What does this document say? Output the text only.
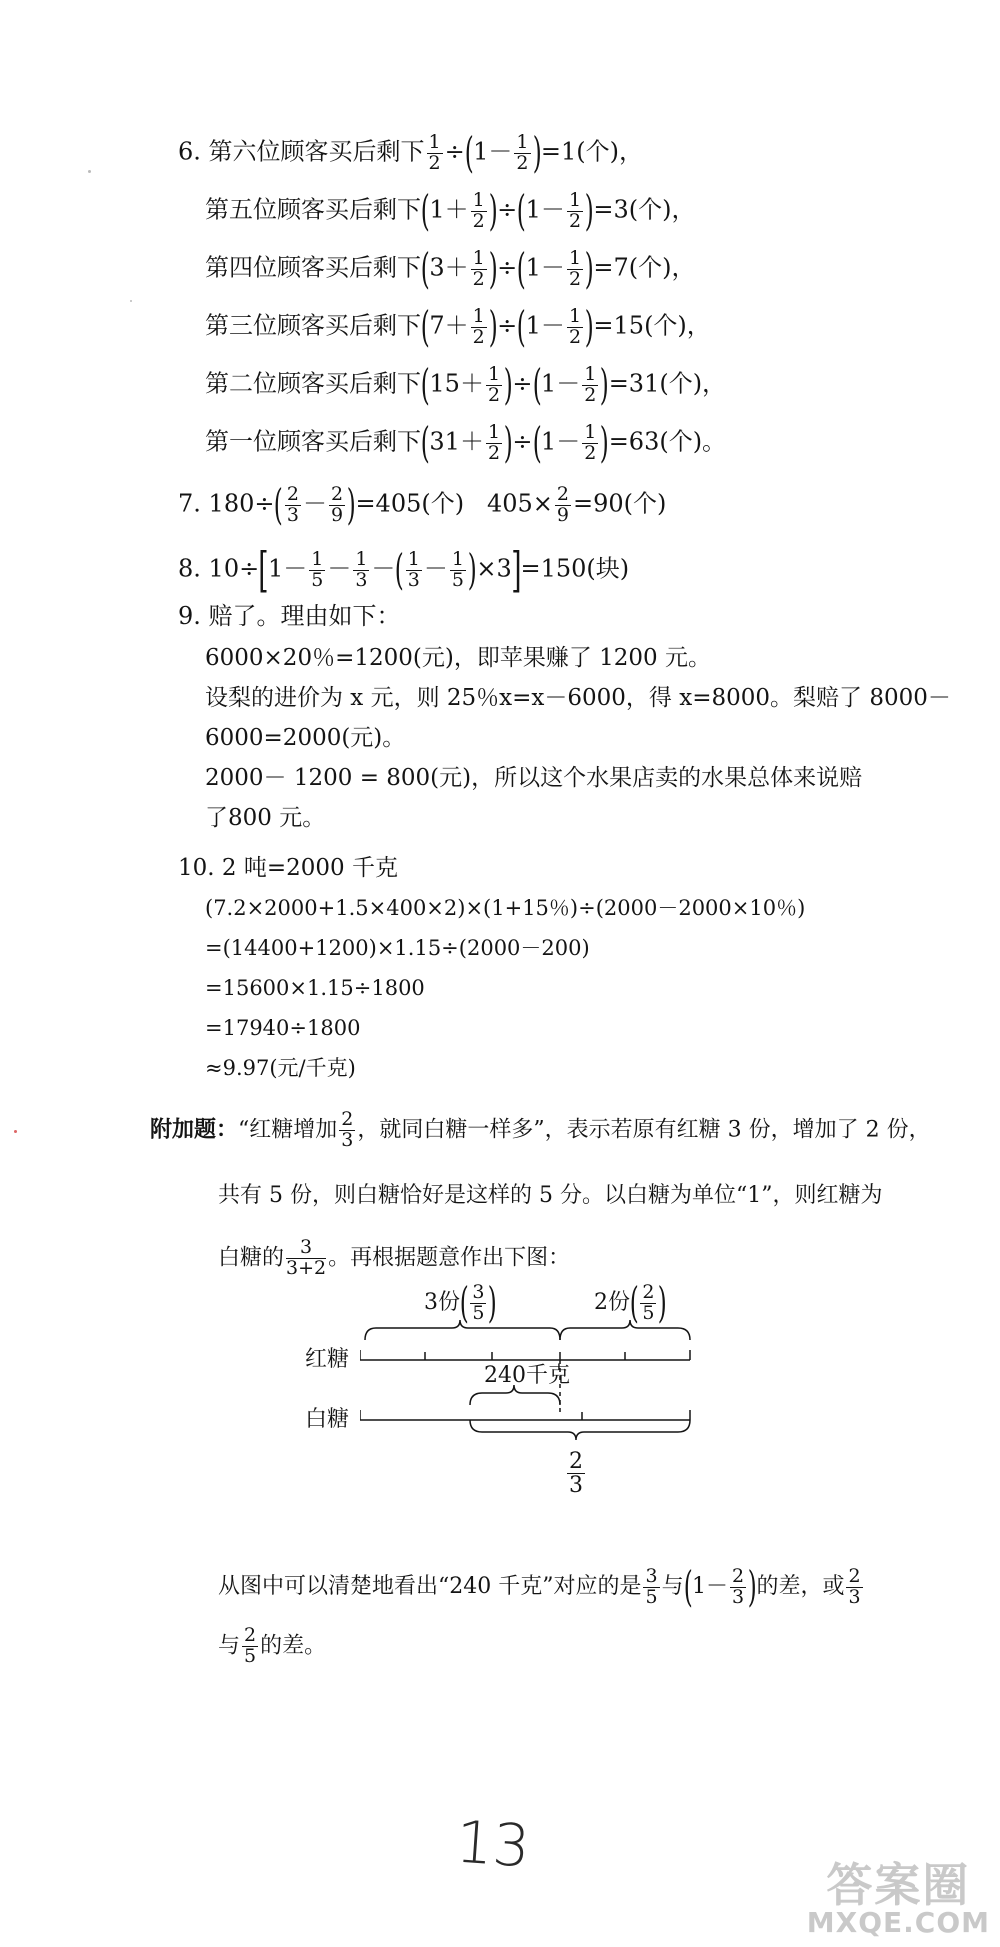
6. 第六位顾客买后剩下 $\frac{1}{2} \div(1- \frac{1}{2} )=1$(个)，
第五位顾客买后剩下$(1+ \frac{1}{2} )\div(1- \frac{1}{2} )=3$(个)，
第四位顾客买后剩下$(3+ \frac{1}{2} )\div(1- \frac{1}{2} )=7$(个)，
第三位顾客买后剩下$(7+ \frac{1}{2} )\div(1- \frac{1}{2} )=15$(个)，
第二位顾客买后剩下$(15+ \frac{1}{2} )\div(1- \frac{1}{2} )=31$(个)，
第一位顾客买后剩下$(31+ \frac{1}{2} )\div(1- \frac{1}{2} )=63$(个)。
7. $180\div( \frac{2}{3} - \frac{2}{9} )=405$(个) $405\times \frac{2}{9} =90$(个)
8. $10\div[1- \frac{1}{5} - \frac{1}{3}$ －( $\frac{1}{3} - \frac{1}{5} )\times 3]=150$(块)
9. 赔了。理由如下：
6000×20％=1200(元)，即苹果赚了 1200 元。
设梨的进价为 x 元，则 25％x=x－6000，得 x=8000。梨赔了 8000－
6000=2000(元)。
2000－ 1200 = 800(元)，所以这个水果店卖的水果总体来说赔
了800 元。
10. 2 吨=2000 千克
(7.2×2000+1.5×400×2)×(1+15％)÷(2000－2000×10％)
=(14400+1200)×1.15÷(2000－200)
=15600×1.15÷1800
=17940÷1800
≈9.97(元/千克)
附加题：“红糖增加 $\frac{2}{3}$ ，就同白糖一样多”，表示若原有红糖 3 份，增加了 2 份，
共有 5 份，则白糖恰好是这样的 5 分。以白糖为单位“1”，则红糖为
白糖的 $\frac{3}{3+2}$ 。再根据题意作出下图：
3份( $\frac{3}{5}$ )	2份( $\frac{2}{5}$ )
红糖
240千克
白糖
$\frac{2}{3}$
从图中可以清楚地看出“240 千克”对应的是 $\frac{3}{5}$ 与($1- \frac{2}{3}$ )的差，或 $\frac{2}{3}$
与 $\frac{2}{5}$ 的差。
13
答案圈
MXQE.COM
